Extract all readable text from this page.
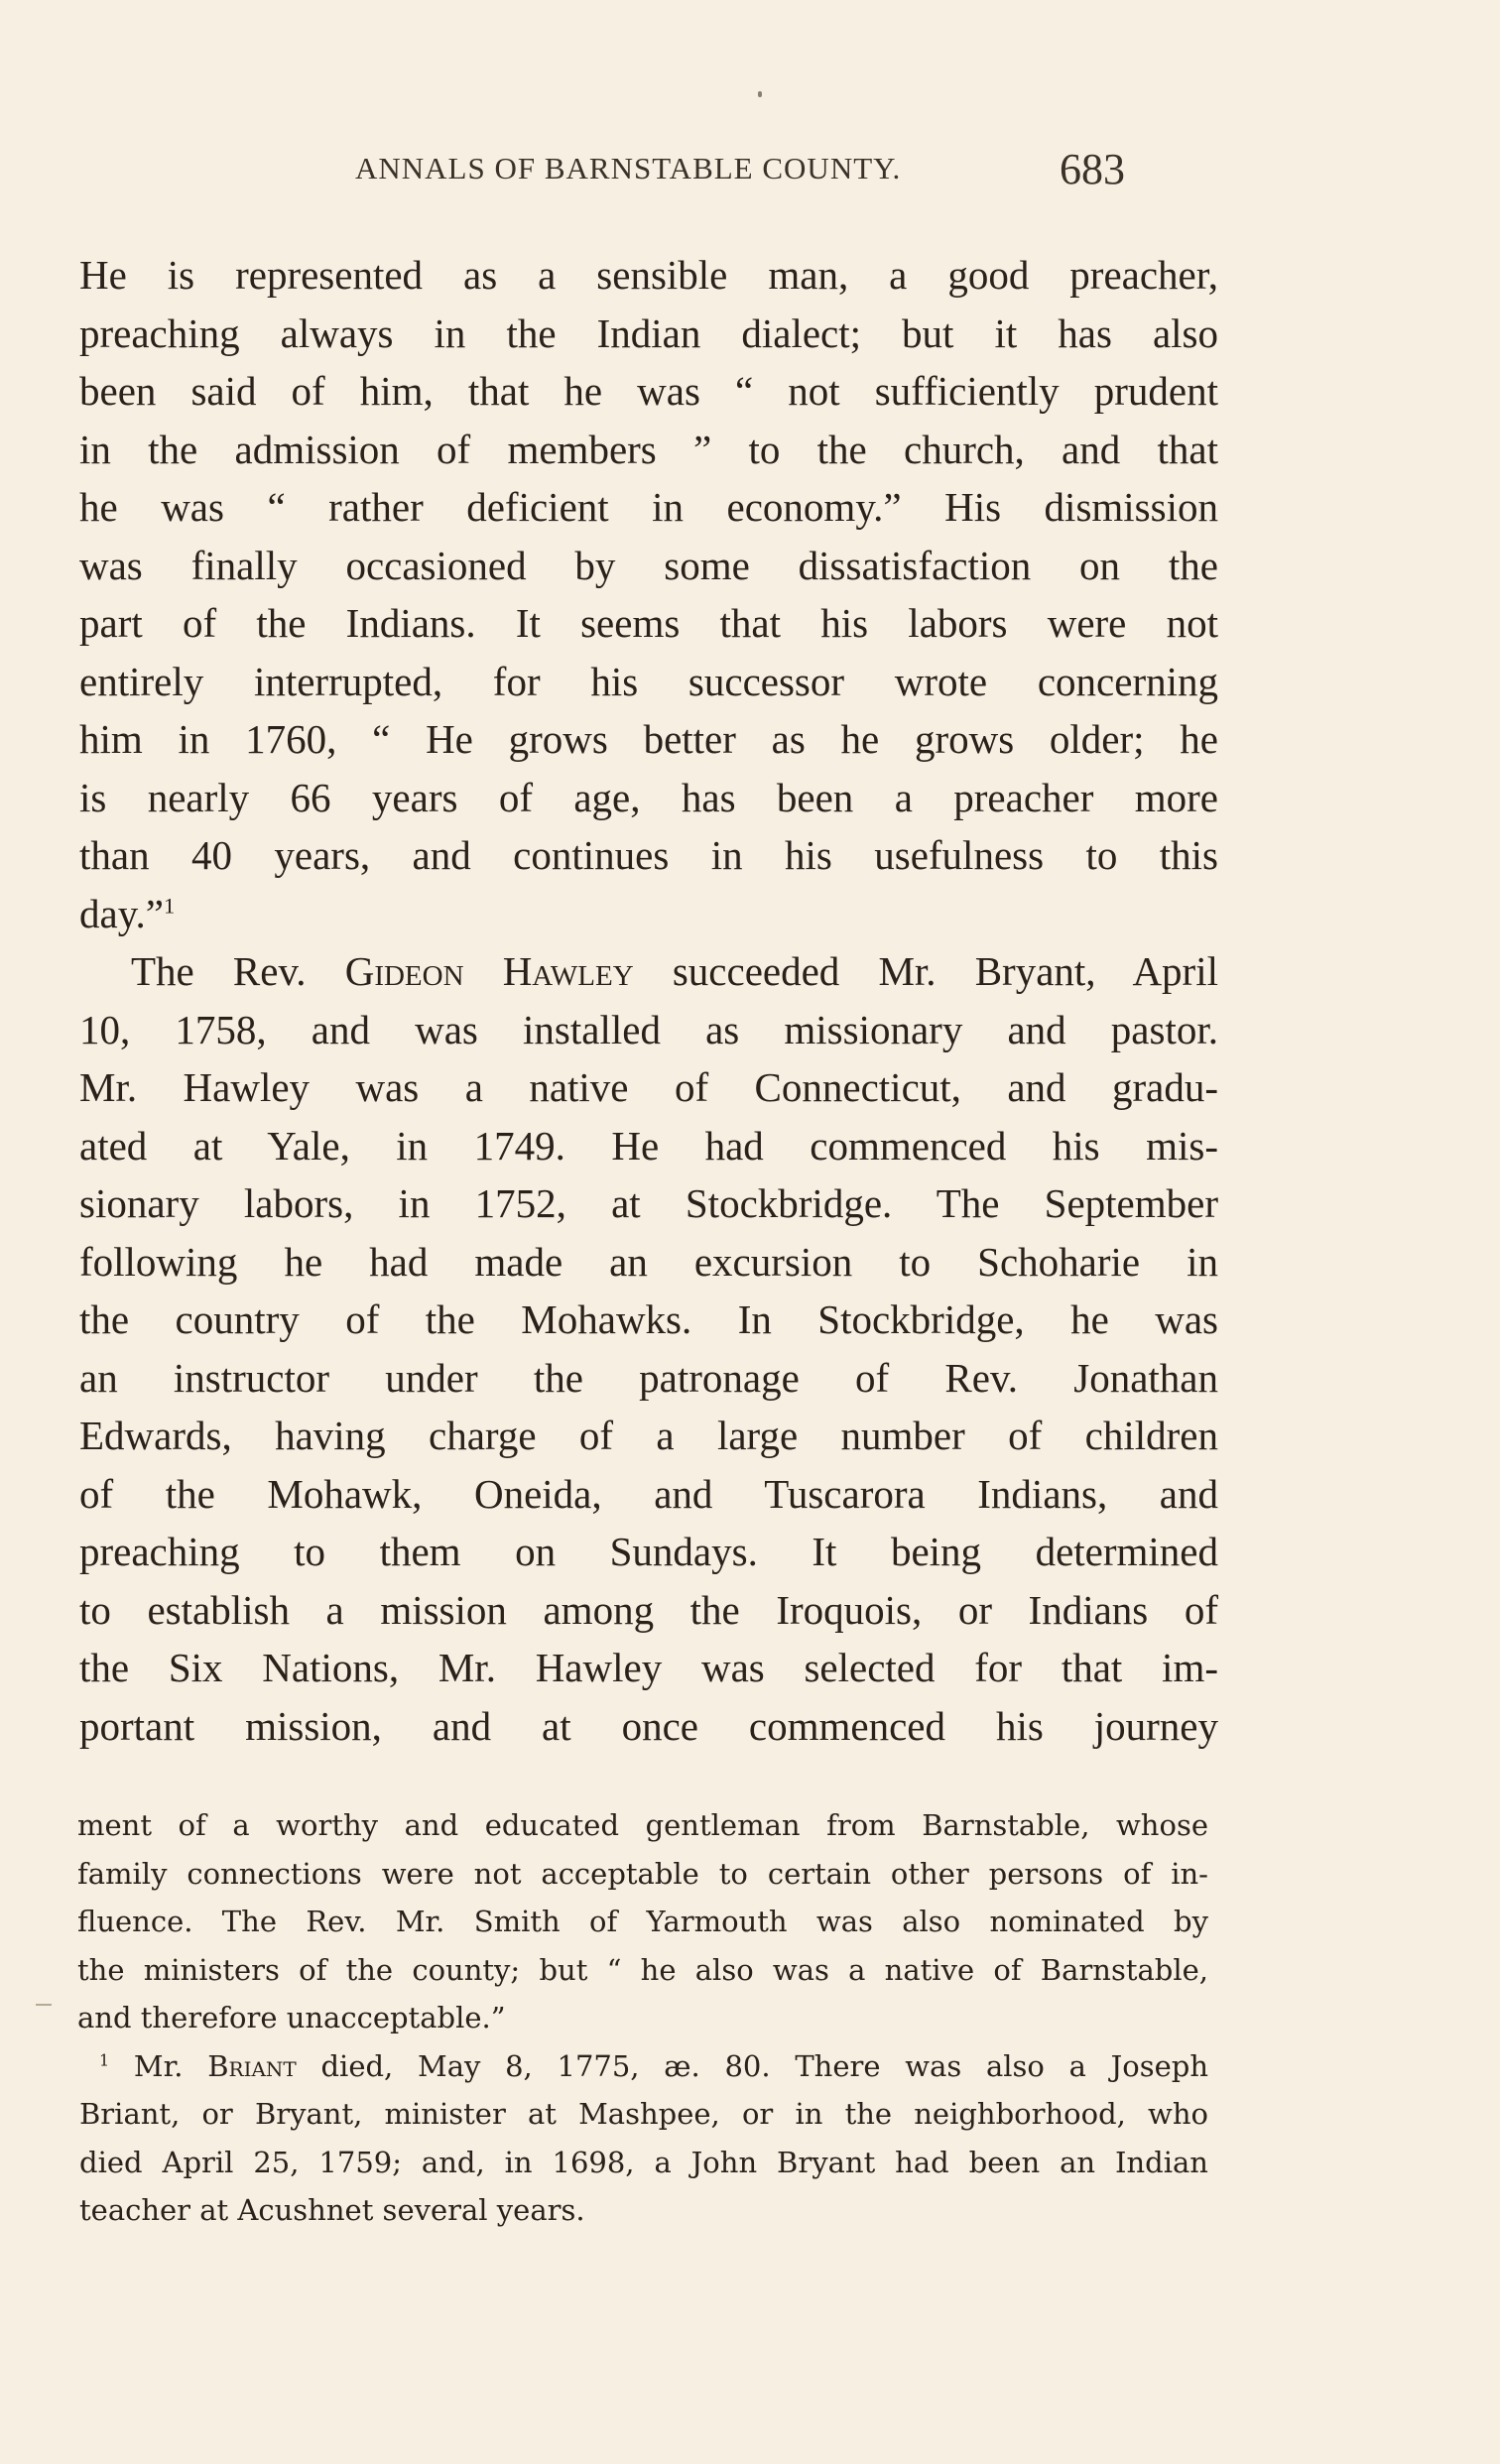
ANNALS OF BARNSTABLE COUNTY.	683
He is represented as a sensible man, a good preacher,
preaching always in the Indian dialect; but it has also
been said of him, that he was “ not sufficiently prudent
in the admission of members ” to the church, and that
he was “ rather deficient in economy.” His dismission
was finally occasioned by some dissatisfaction on the
part of the Indians. It seems that his labors were not
entirely interrupted, for his successor wrote concerning
him in 1760, “ He grows better as he grows older; he
is nearly 66 years of age, has been a preacher more
than 40 years, and continues in his usefulness to this
day.”$^1$
The Rev. Gideon Hawley succeeded Mr. Bryant, April
10, 1758, and was installed as missionary and pastor.
Mr. Hawley was a native of Connecticut, and gradu-
ated at Yale, in 1749. He had commenced his mis-
sionary labors, in 1752, at Stockbridge. The September
following he had made an excursion to Schoharie in
the country of the Mohawks. In Stockbridge, he was
an instructor under the patronage of Rev. Jonathan
Edwards, having charge of a large number of children
of the Mohawk, Oneida, and Tuscarora Indians, and
preaching to them on Sundays. It being determined
to establish a mission among the Iroquois, or Indians of
the Six Nations, Mr. Hawley was selected for that im-
portant mission, and at once commenced his journey
ment of a worthy and educated gentleman from Barnstable, whose
family connections were not acceptable to certain other persons of in-
fluence. The Rev. Mr. Smith of Yarmouth was also nominated by
the ministers of the county; but “ he also was a native of Barnstable,
and therefore unacceptable.”
$^1$ Mr. Briant died, May 8, 1775, æ. 80. There was also a Joseph
Briant, or Bryant, minister at Mashpee, or in the neighborhood, who
died April 25, 1759; and, in 1698, a John Bryant had been an Indian
teacher at Acushnet several years.
